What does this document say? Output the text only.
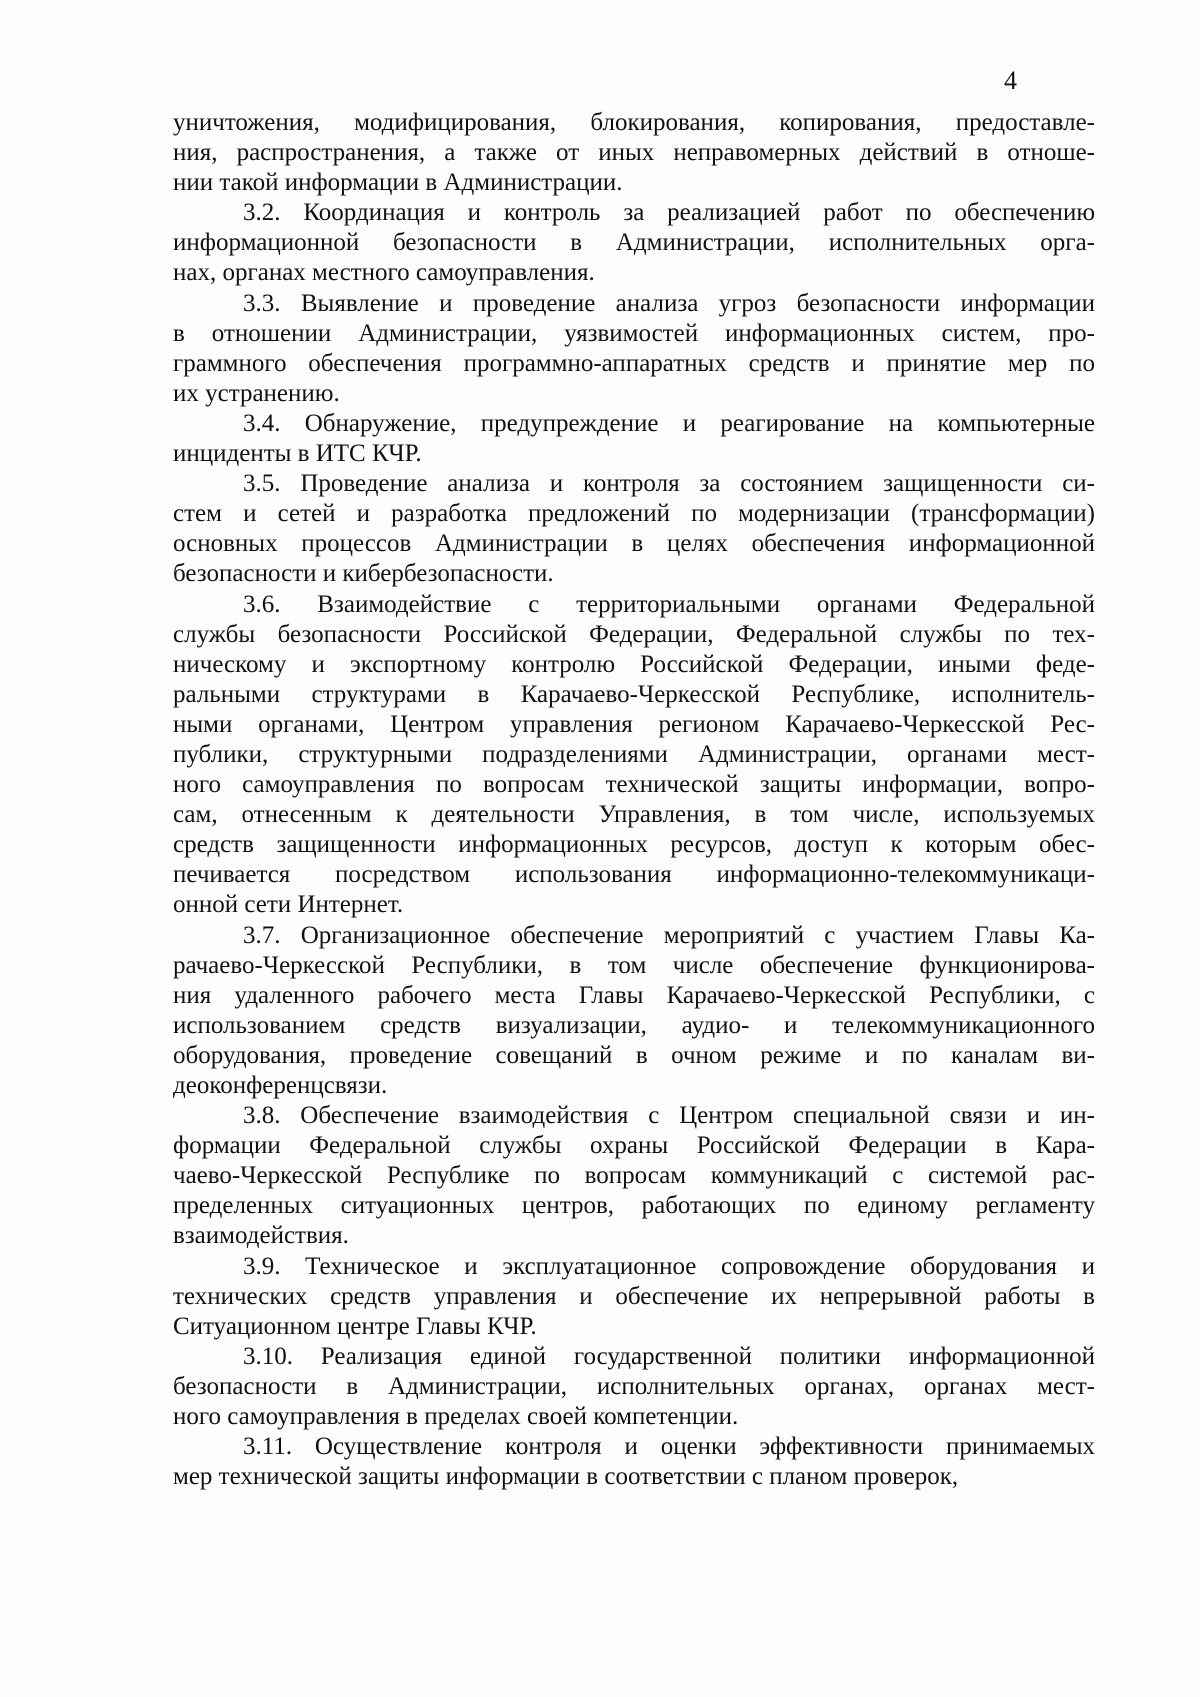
4
уничтожения, модифицирования, блокирования, копирования, предоставле-
ния, распространения, а также от иных неправомерных действий в отноше-
нии такой информации в Администрации.
3.2. Координация и контроль за реализацией работ по обеспечению
информационной безопасности в Администрации, исполнительных орга-
нах, органах местного самоуправления.
3.3. Выявление и проведение анализа угроз безопасности информации
в отношении Администрации, уязвимостей информационных систем, про-
граммного обеспечения программно-аппаратных средств и принятие мер по
их устранению.
3.4. Обнаружение, предупреждение и реагирование на компьютерные
инциденты в ИТС КЧР.
3.5. Проведение анализа и контроля за состоянием защищенности си-
стем и сетей и разработка предложений по модернизации (трансформации)
основных процессов Администрации в целях обеспечения информационной
безопасности и кибербезопасности.
3.6. Взаимодействие с территориальными органами Федеральной
службы безопасности Российской Федерации, Федеральной службы по тех-
ническому и экспортному контролю Российской Федерации, иными феде-
ральными структурами в Карачаево-Черкесской Республике, исполнитель-
ными органами, Центром управления регионом Карачаево-Черкесской Рес-
публики, структурными подразделениями Администрации, органами мест-
ного самоуправления по вопросам технической защиты информации, вопро-
сам, отнесенным к деятельности Управления, в том числе, используемых
средств защищенности информационных ресурсов, доступ к которым обес-
печивается посредством использования информационно-телекоммуникаци-
онной сети Интернет.
3.7. Организационное обеспечение мероприятий с участием Главы Ка-
рачаево-Черкесской Республики, в том числе обеспечение функционирова-
ния удаленного рабочего места Главы Карачаево-Черкесской Республики, с
использованием средств визуализации, аудио- и телекоммуникационного
оборудования, проведение совещаний в очном режиме и по каналам ви-
деоконференцсвязи.
3.8. Обеспечение взаимодействия с Центром специальной связи и ин-
формации Федеральной службы охраны Российской Федерации в Кара-
чаево-Черкесской Республике по вопросам коммуникаций с системой рас-
пределенных ситуационных центров, работающих по единому регламенту
взаимодействия.
3.9. Техническое и эксплуатационное сопровождение оборудования и
технических средств управления и обеспечение их непрерывной работы в
Ситуационном центре Главы КЧР.
3.10. Реализация единой государственной политики информационной
безопасности в Администрации, исполнительных органах, органах мест-
ного самоуправления в пределах своей компетенции.
3.11. Осуществление контроля и оценки эффективности принимаемых
мер технической защиты информации в соответствии с планом проверок,
